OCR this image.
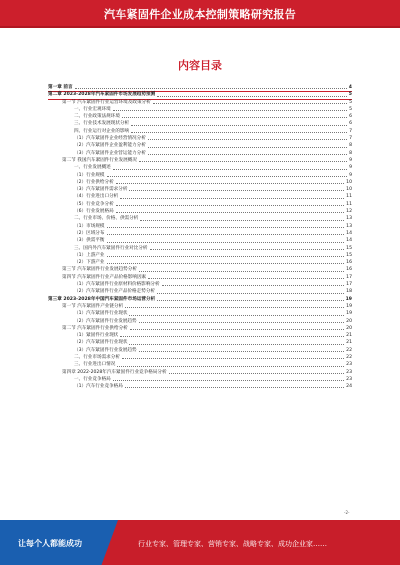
汽车紧固件企业成本控制策略研究报告
内容目录
第一章 前言	4
第二章 2023-2028年汽车紧固件市场发展趋势预测	5
第一节 汽车紧固件行业运营环境及政策分析	5
一、行业宏观环境	5
二、行业政策法规环境	6
三、行业技术发展现状分析	6
四、行业运行对企业的影响	7
（1）汽车紧固件企业经营情况分析	7
（2）汽车紧固件企业盈利能力分析	8
（3）汽车紧固件企业营运能力分析	8
第二节 我国汽车紧固件行业发展概况	9
一、行业发展概述	9
（1）行业规模	9
（2）行业供给分析	10
（3）汽车紧固件需求分析	10
（4）行业进出口分析	11
（5）行业竞争分析	11
（6）行业发展格局	12
二、行业市场、价格、供需分析	13
（1）市场规模	13
（2）区域分布	14
（3）供需平衡	14
三、国内外汽车紧固件行业对比分析	15
（1）上游产业	15
（2）下游产业	16
第三节 汽车紧固件行业发展趋势分析	16
第四节 汽车紧固件行业产品价格影响因素	17
（1）汽车紧固件行业原材料价格影响分析	17
（2）汽车紧固件行业产品价格走势分析	18
第三章 2023-2028年中国汽车紧固件市场运营分析	19
第一节 汽车紧固件产业链分析	19
（1）汽车紧固件行业现状	19
（2）汽车紧固件行业发展趋势	20
第二节 汽车紧固件行业供给分析	20
（1）紧固件行业现状	21
（2）汽车紧固件行业现状	21
（3）汽车紧固件行业发展趋势	22
二、行业市场需求分析	22
三、行业进出口情况	23
第四章 2022-2028年汽车紧固件行业竞争格局分析	23
一、行业竞争格局	23
（1）汽车行业竞争格局	24
-2-
让每个人都能成功	行业专家、管理专家、营销专家、战略专家、成功企业家……
